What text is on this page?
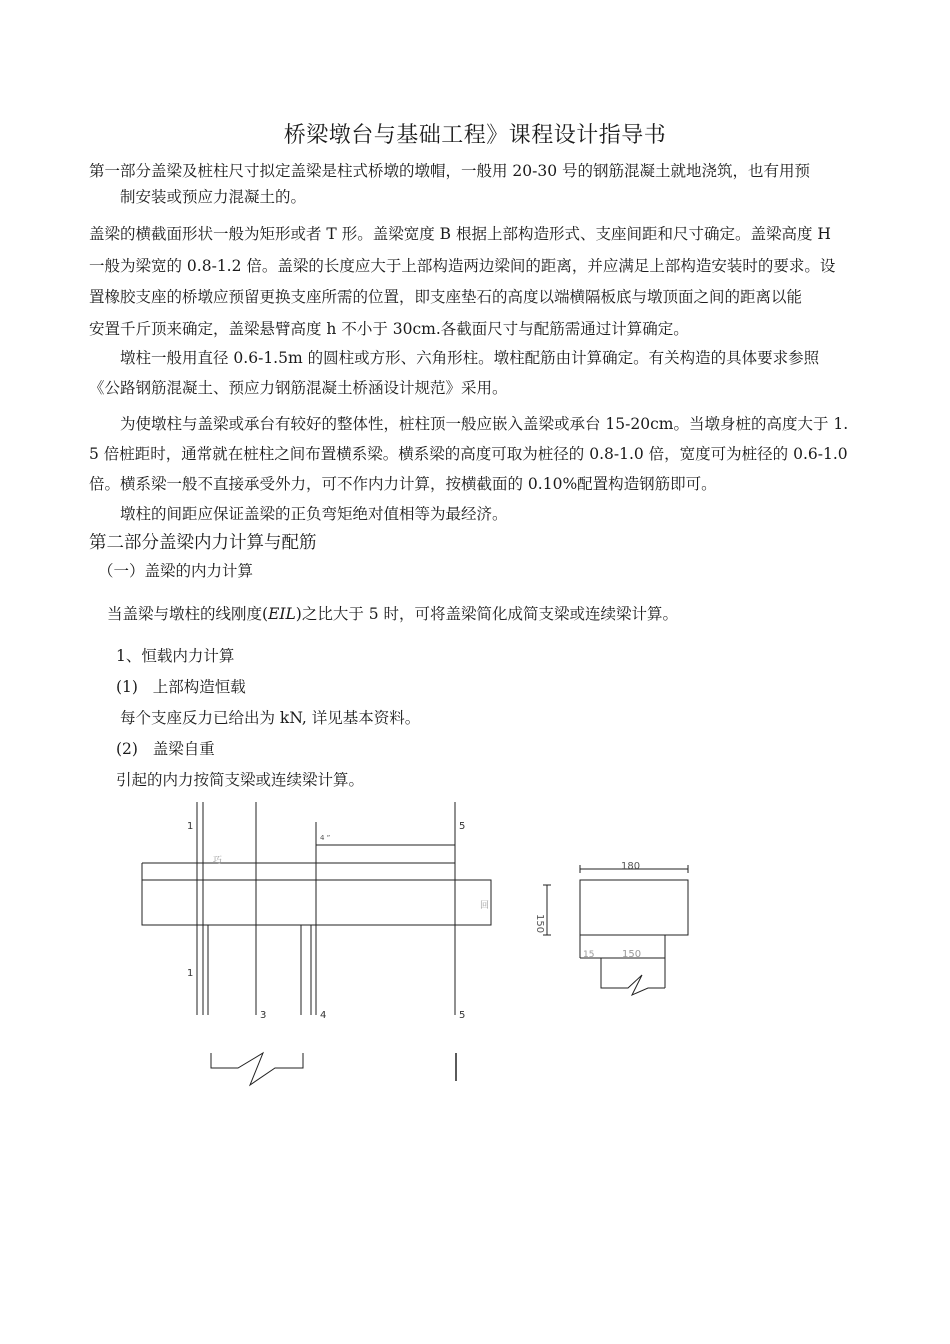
桥梁墩台与基础工程》课程设计指导书
第一部分盖梁及桩柱尺寸拟定盖梁是柱式桥墩的墩帽，一般用 20-30 号的钢筋混凝土就地浇筑，也有用预
制安装或预应力混凝土的。
盖梁的横截面形状一般为矩形或者 T 形。盖梁宽度 B 根据上部构造形式、支座间距和尺寸确定。盖梁高度 H
一般为梁宽的 0.8-1.2 倍。盖梁的长度应大于上部构造两边梁间的距离，并应满足上部构造安装时的要求。设
置橡胶支座的桥墩应预留更换支座所需的位置，即支座垫石的高度以端横隔板底与墩顶面之间的距离以能
安置千斤顶来确定，盖梁悬臂高度 h 不小于 30cm.各截面尺寸与配筋需通过计算确定。
墩柱一般用直径 0.6-1.5m 的圆柱或方形、六角形柱。墩柱配筋由计算确定。有关构造的具体要求参照
《公路钢筋混凝土、预应力钢筋混凝土桥涵设计规范》采用。
为使墩柱与盖梁或承台有较好的整体性，桩柱顶一般应嵌入盖梁或承台 15-20cm。当墩身桩的高度大于 1.
5 倍桩距时，通常就在桩柱之间布置横系梁。横系梁的高度可取为桩径的 0.8-1.0 倍，宽度可为桩径的 0.6-1.0
倍。横系梁一般不直接承受外力，可不作内力计算，按横截面的 0.10%配置构造钢筋即可。
墩柱的间距应保证盖梁的正负弯矩绝对值相等为最经济。
第二部分盖梁内力计算与配筋
（一）盖梁的内力计算
当盖梁与墩柱的线刚度(EIL)之比大于 5 时，可将盖梁简化成简支梁或连续梁计算。
1、恒载内力计算
(1)   上部构造恒载
每个支座反力已给出为 kN, 详见基本资料。
(2)   盖梁自重
引起的内力按简支梁或连续梁计算。
1	5
4 ”
巧
回
1
3	4	5
180
150
15	150
